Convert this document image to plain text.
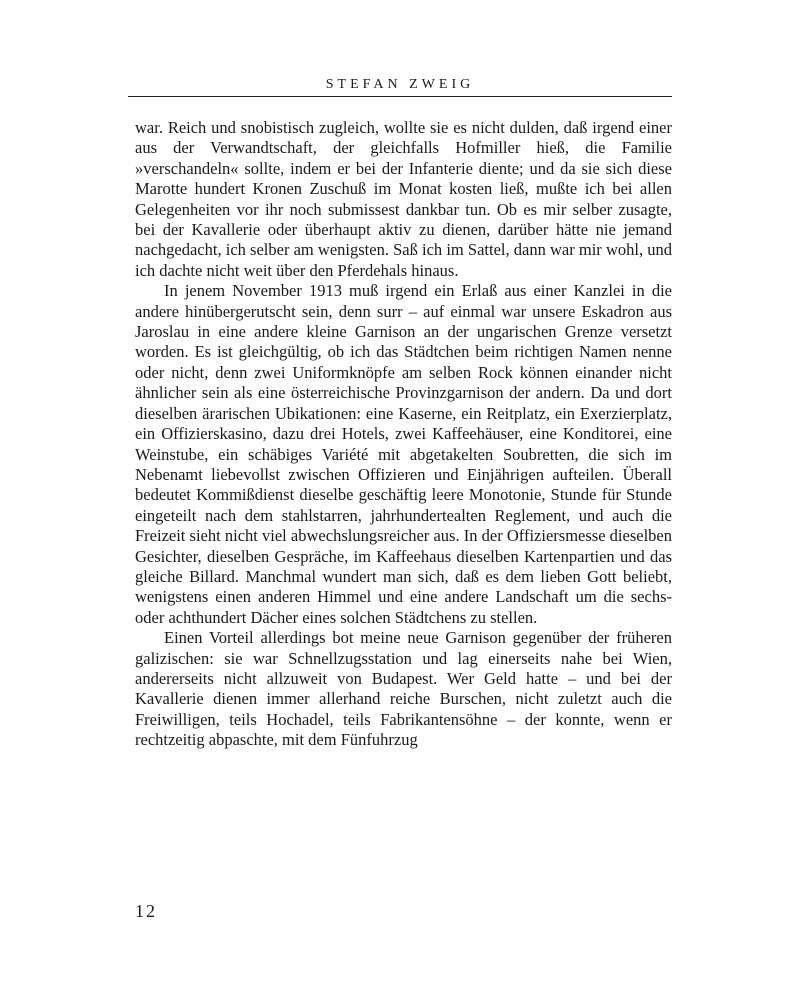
STEFAN ZWEIG

war. Reich und snobistisch zugleich, wollte sie es nicht dulden, daß irgend einer aus der Verwandtschaft, der gleichfalls Hofmiller hieß, die Familie »verschandeln« sollte, indem er bei der Infanterie diente; und da sie sich diese Marotte hundert Kronen Zuschuß im Monat kosten ließ, mußte ich bei allen Gelegenheiten vor ihr noch submissest dankbar tun. Ob es mir selber zusagte, bei der Kavallerie oder überhaupt aktiv zu dienen, darüber hätte nie jemand nachgedacht, ich selber am wenigsten. Saß ich im Sattel, dann war mir wohl, und ich dachte nicht weit über den Pferdehals hinaus.

In jenem November 1913 muß irgend ein Erlaß aus einer Kanzlei in die andere hinübergerutscht sein, denn surr – auf einmal war unsere Eskadron aus Jaroslau in eine andere kleine Garnison an der ungarischen Grenze versetzt worden. Es ist gleichgültig, ob ich das Städtchen beim richtigen Namen nenne oder nicht, denn zwei Uniformknöpfe am selben Rock können einander nicht ähnlicher sein als eine österreichische Provinzgarnison der andern. Da und dort dieselben ärarischen Ubikationen: eine Kaserne, ein Reitplatz, ein Exerzierplatz, ein Offizierskasino, dazu drei Hotels, zwei Kaffeehäuser, eine Konditorei, eine Weinstube, ein schäbiges Variété mit abgetakelten Soubretten, die sich im Nebenamt liebevollst zwischen Offizieren und Einjährigen aufteilen. Überall bedeutet Kommißdienst dieselbe geschäftig leere Monotonie, Stunde für Stunde eingeteilt nach dem stahlstarren, jahrhundertealten Reglement, und auch die Freizeit sieht nicht viel abwechslungsreicher aus. In der Offiziersmesse dieselben Gesichter, dieselben Gespräche, im Kaffeehaus dieselben Kartenpartien und das gleiche Billard. Manchmal wundert man sich, daß es dem lieben Gott beliebt, wenigstens einen anderen Himmel und eine andere Landschaft um die sechs- oder achthundert Dächer eines solchen Städtchens zu stellen.

Einen Vorteil allerdings bot meine neue Garnison gegenüber der früheren galizischen: sie war Schnellzugsstation und lag einerseits nahe bei Wien, andererseits nicht allzuweit von Budapest. Wer Geld hatte – und bei der Kavallerie dienen immer allerhand reiche Burschen, nicht zuletzt auch die Freiwilligen, teils Hochadel, teils Fabrikantensöhne – der konnte, wenn er rechtzeitig abpaschte, mit dem Fünfuhrzug

12
